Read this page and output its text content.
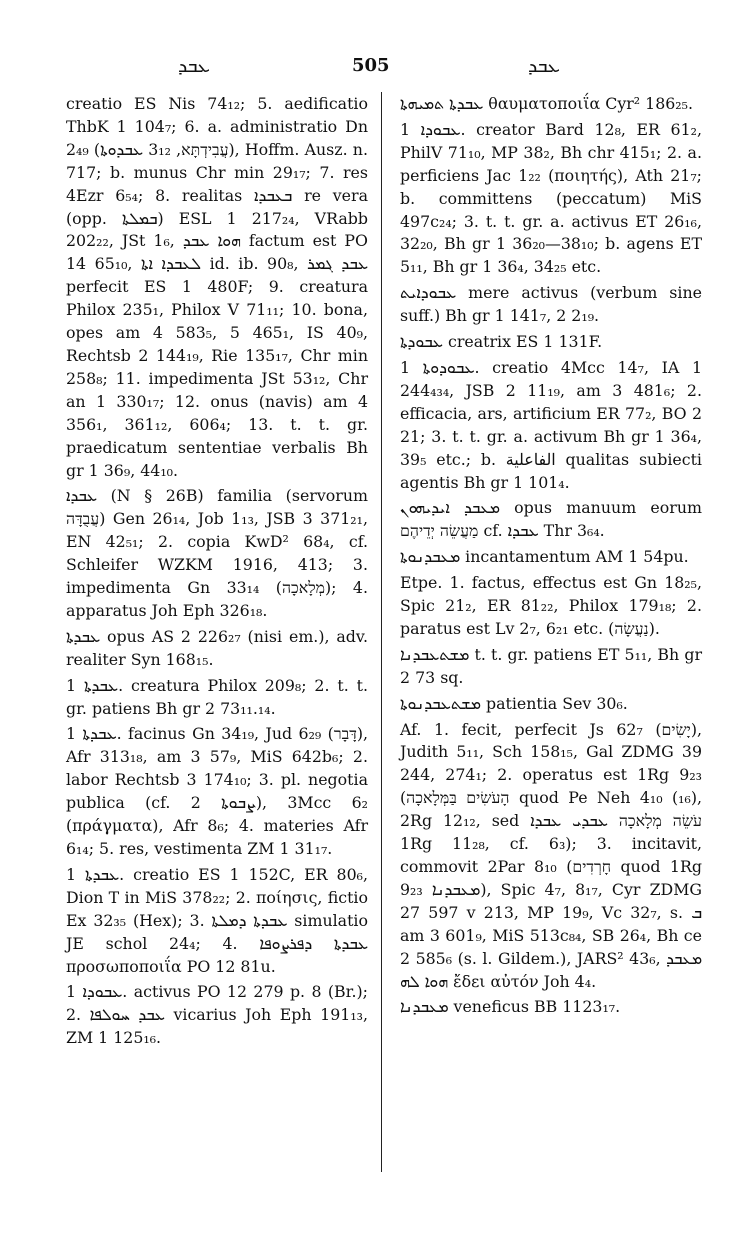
ܥܒܕ	505	ܥܒܕ

creatio ES Nis 74₁₂; 5. aedificatio ThbK 1 104₇; 6. a. administratio Dn 2₄₉ (עֲבִידְתָּא, 3₁₂ ܥܒܕܘܬܐ), Hoffm. Ausz. n. 717; b. munus Chr min 29₁₇; 7. res 4Ezr 6₅₄; 8. realitas ܒܥܒܕܐ re vera (opp. ܒܡܠܬܐ) ESL 1 217₂₄, VRabb 202₂₂, JSt 1₆, ܗܘܐ ܥܒܕ factum est PO 14 65₁₀, ܠܥܒܕܐ ܐܬܐ id. ib. 90₈, ܥܒܕ ܓܡܪ perfecit ES 1 480F; 9. creatura Philox 235₁, Philox V 71₁₁; 10. bona, opes am 4 583₅, 5 465₁, IS 40₉, Rechtsb 2 144₁₉, Rie 135₁₇, Chr min 258₈; 11. impedimenta JSt 53₁₂, Chr an 1 330₁₇; 12. onus (navis) am 4 356₁, 361₁₂, 606₄; 13. t. t. gr. praedicatum sententiae verbalis Bh gr 1 36₉, 44₁₀.

ܥܒܕܐ (N § 26B) familia (servorum עֲבֻדָּה) Gen 26₁₄, Job 1₁₃, JSB 3 371₂₁, EN 42₅₁; 2. copia KwD² 68₄, cf. Schleifer WZKM 1916, 413; 3. impedimenta Gn 33₁₄ (מְלָאכָה); 4. apparatus Joh Eph 326₁₈.

ܥܒܕܬܐ opus AS 2 226₂₇ (nisi em.), adv. realiter Syn 168₁₅.

ܥܒܕܬܐ 1. creatura Philox 209₈; 2. t. t. gr. patiens Bh gr 2 73₁₁.₁₄.

ܥܒܕܬܐ 1. facinus Gn 34₁₉, Jud 6₂₉ (דָּבָר), Afr 313₁₈, am 3 57₉, MiS 642b₆; 2. labor Rechtsb 3 174₁₀; 3. pl. negotia publica (cf. ܨܒܘܬܐ 2), 3Mcc 6₂ (πράγματα), Afr 8₆; 4. materies Afr 6₁₄; 5. res, vestimenta ZM 1 31₁₇.

ܥܒܕܬܐ 1. creatio ES 1 152C, ER 80₆, Dion T in MiS 378₂₂; 2. ποίησις, fictio Ex 32₃₅ (Hex); 3. ܥܒܕܬܐ ܕܡܠܬܐ simulatio JE schol 24₄; 4. ܥܒܕܬܐ ܕܦܪܨܘܦܐ προσωποποιΐα PO 12 81u.

ܥܒܘܕܐ 1. activus PO 12 279 p. 8 (Br.); 2. ܥܒܕ ܚܘܠܦܐ vicarius Joh Eph 191₁₃, ZM 1 125₁₆.

ܥܒܕܬܐ ܬܡܝܗܬܐ θαυματοποιΐα Cyr² 186₂₅.

ܥܒܘܕܐ 1. creator Bard 12₈, ER 61₂, PhilV 71₁₀, MP 38₂, Bh chr 415₁; 2. a. perficiens Jac 1₂₂ (ποιητής), Ath 21₇; b. committens (peccatum) MiS 497c₂₄; 3. t. t. gr. a. activus ET 26₁₆, 32₂₀, Bh gr 1 36₂₀—38₁₀; b. agens ET 5₁₁, Bh gr 1 36₄, 34₂₅ etc.

ܥܒܘܕܐܝܬ mere activus (verbum sine suff.) Bh gr 1 141₇, 2 2₁₉.

ܥܒܘܕܬܐ creatrix ES 1 131F.

ܥܒܘܕܘܬܐ 1. creatio 4Mcc 14₇, IA 1 244₄₃₄, JSB 2 11₁₉, am 3 481₆; 2. efficacia, ars, artificium ER 77₂, BO 2 21; 3. t. t. gr. a. activum Bh gr 1 36₄, 39₅ etc.; b. الفاعلية qualitas subiecti agentis Bh gr 1 101₄.

ܡܥܒܕ ܐܝܕܝܗܘܢ opus manuum eorum מַעֲשֵׂה יְדֵיהֶם cf. ܥܒܕܐ Thr 3₆₄.

ܡܥܒܕܢܘܬܐ incantamentum AM 1 54pu.

Etpe. 1. factus, effectus est Gn 18₂₅, Spic 21₂, ER 81₂₂, Philox 179₁₈; 2. paratus est Lv 2₇, 6₂₁ etc. (נַעֲשָׂה).

ܡܫܬܥܒܕܢܐ t. t. gr. patiens ET 5₁₁, Bh gr 2 73 sq.

ܡܫܬܥܒܕܢܘܬܐ patientia Sev 30₆.

Af. 1. fecit, perfecit Js 62₇ (יָשִׂים), Judith 5₁₁, Sch 158₁₅, Gal ZDMG 39 244, 274₁; 2. operatus est 1Rg 9₂₃ (הָעֹשִׂים בַּמְּלָאכָה quod Pe Neh 4₁₀ (₁₆), 2Rg 12₁₂, sed עֹשֵׂה מְלָאכָה ܥܒܕܝ ܥܒܕܐ 1Rg 11₂₈, cf. 6₃); 3. incitavit, commovit 2Par 8₁₀ (חָרְדִים quod 1Rg 9₂₃ ܡܥܒܕܢܐ), Spic 4₇, 8₁₇, Cyr ZDMG 27 597 v 213, MP 19₉, Vc 32₇, s. ܒ am 3 601₉, MiS 513c₈₄, SB 26₄, Bh ce 2 585₆ (s. l. Gildem.), JARS² 43₆, ܡܥܒܕ ܗܘܐ ܠܗ ἔδει αὐτόν Joh 4₄.

ܡܥܒܕܢܐ veneficus BB 1123₁₇.
